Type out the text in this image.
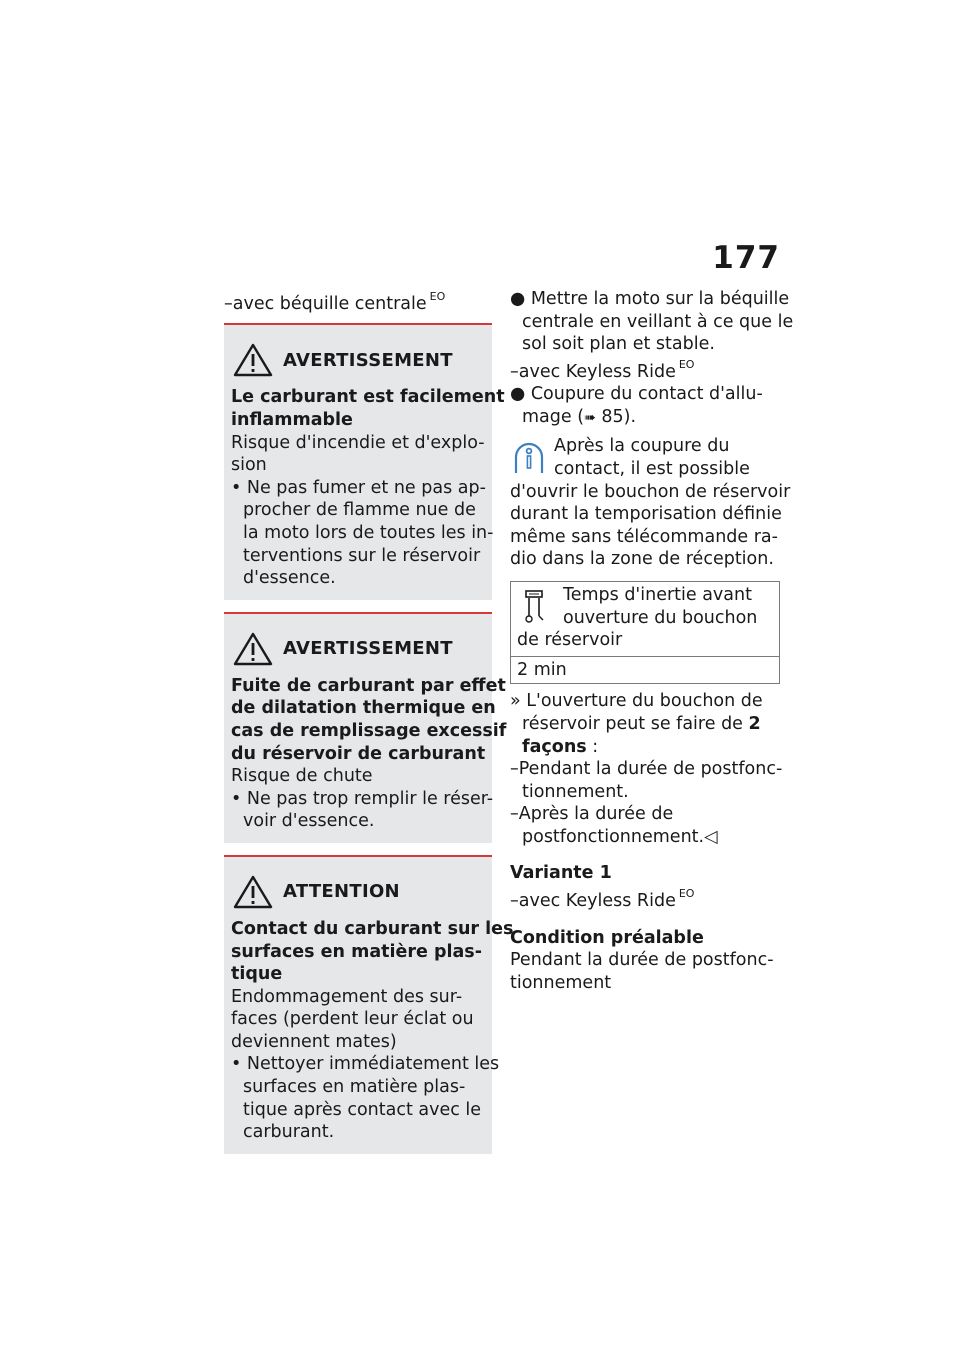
177
–avec béquille centrale $^{EO}$
AVERTISSEMENT
Le carburant est facilement
inflammable
Risque d'incendie et d'explo-
sion
• Ne pas fumer et ne pas ap-
procher de flamme nue de
la moto lors de toutes les in-
terventions sur le réservoir
d'essence.
AVERTISSEMENT
Fuite de carburant par effet
de dilatation thermique en
cas de remplissage excessif
du réservoir de carburant
Risque de chute
• Ne pas trop remplir le réser-
voir d'essence.
ATTENTION
Contact du carburant sur les
surfaces en matière plas-
tique
Endommagement des sur-
faces (perdent leur éclat ou
deviennent mates)
• Nettoyer immédiatement les
surfaces en matière plas-
tique après contact avec le
carburant.
● Mettre la moto sur la béquille
centrale en veillant à ce que le
sol soit plan et stable.
–avec Keyless Ride $^{EO}$
● Coupure du contact d'allu-
mage (➠ 85).
Après la coupure du
contact, il est possible
d'ouvrir le bouchon de réservoir
durant la temporisation définie
même sans télécommande ra-
dio dans la zone de réception.
Temps d'inertie avant
ouverture du bouchon
de réservoir
2 min
» L'ouverture du bouchon de
réservoir peut se faire de 2
façons :
–Pendant la durée de postfonc-
tionnement.
–Après la durée de
postfonctionnement.◁
Variante 1
–avec Keyless Ride $^{EO}$
Condition préalable
Pendant la durée de postfonc-
tionnement
